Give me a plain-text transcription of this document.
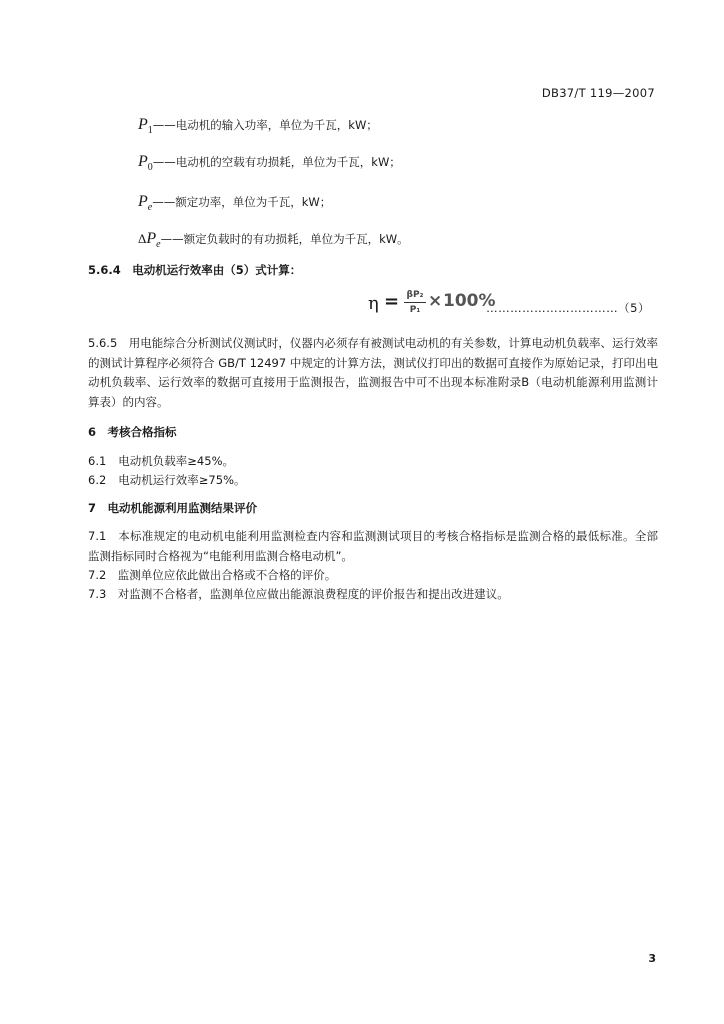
DB37/T 119—2007
P1——电动机的输入功率，单位为千瓦，kW；
P0——电动机的空载有功损耗，单位为千瓦，kW；
Pe——额定功率，单位为千瓦，kW；
ΔPe——额定负载时的有功损耗，单位为千瓦，kW。
5.6.4　电动机运行效率由（5）式计算：
η = βP₂
P₁ × 100%
……………………………（5）
5.6.5　用电能综合分析测试仪测试时，仪器内必须存有被测试电动机的有关参数，计算电动机负载率、运行效率的测试计算程序必须符合 GB/T 12497 中规定的计算方法，测试仪打印出的数据可直接作为原始记录，打印出电动机负载率、运行效率的数据可直接用于监测报告，监测报告中可不出现本标准附录B（电动机能源利用监测计算表）的内容。
6　考核合格指标
6.1 电动机负载率≥45%。
6.2 电动机运行效率≥75%。
7　电动机能源利用监测结果评价
7.1　本标准规定的电动机电能利用监测检查内容和监测测试项目的考核合格指标是监测合格的最低标准。全部监测指标同时合格视为“电能利用监测合格电动机”。
7.2　监测单位应依此做出合格或不合格的评价。
7.3　对监测不合格者，监测单位应做出能源浪费程度的评价报告和提出改进建议。
3
